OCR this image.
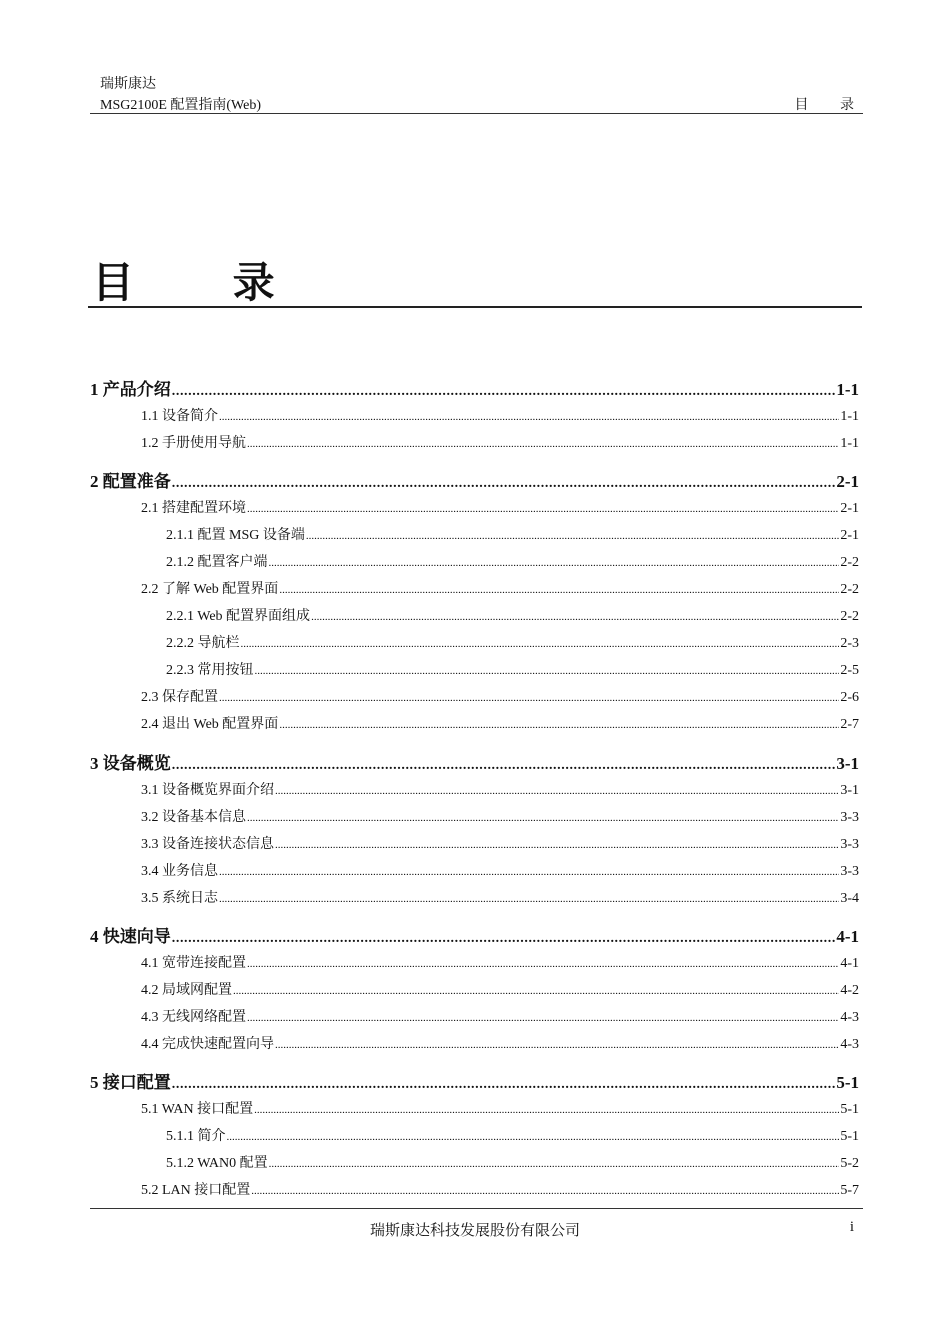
瑞斯康达
MSG2100E 配置指南(Web)	目 录
目 录
1 产品介绍 .....	1-1
1.1 设备简介 .....	1-1
1.2 手册使用导航 .....	1-1
2 配置准备 .....	2-1
2.1 搭建配置环境 .....	2-1
2.1.1 配置 MSG 设备端 .....	2-1
2.1.2 配置客户端 .....	2-2
2.2 了解 Web 配置界面 .....	2-2
2.2.1 Web 配置界面组成 .....	2-2
2.2.2 导航栏 .....	2-3
2.2.3 常用按钮 .....	2-5
2.3 保存配置 .....	2-6
2.4 退出 Web 配置界面 .....	2-7
3 设备概览 .....	3-1
3.1 设备概览界面介绍 .....	3-1
3.2 设备基本信息 .....	3-3
3.3 设备连接状态信息 .....	3-3
3.4 业务信息 .....	3-3
3.5 系统日志 .....	3-4
4 快速向导 .....	4-1
4.1 宽带连接配置 .....	4-1
4.2 局域网配置 .....	4-2
4.3 无线网络配置 .....	4-3
4.4 完成快速配置向导 .....	4-3
5 接口配置 .....	5-1
5.1 WAN 接口配置 .....	5-1
5.1.1 简介 .....	5-1
5.1.2 WAN0 配置 .....	5-2
5.2 LAN 接口配置 .....	5-7
瑞斯康达科技发展股份有限公司	i
